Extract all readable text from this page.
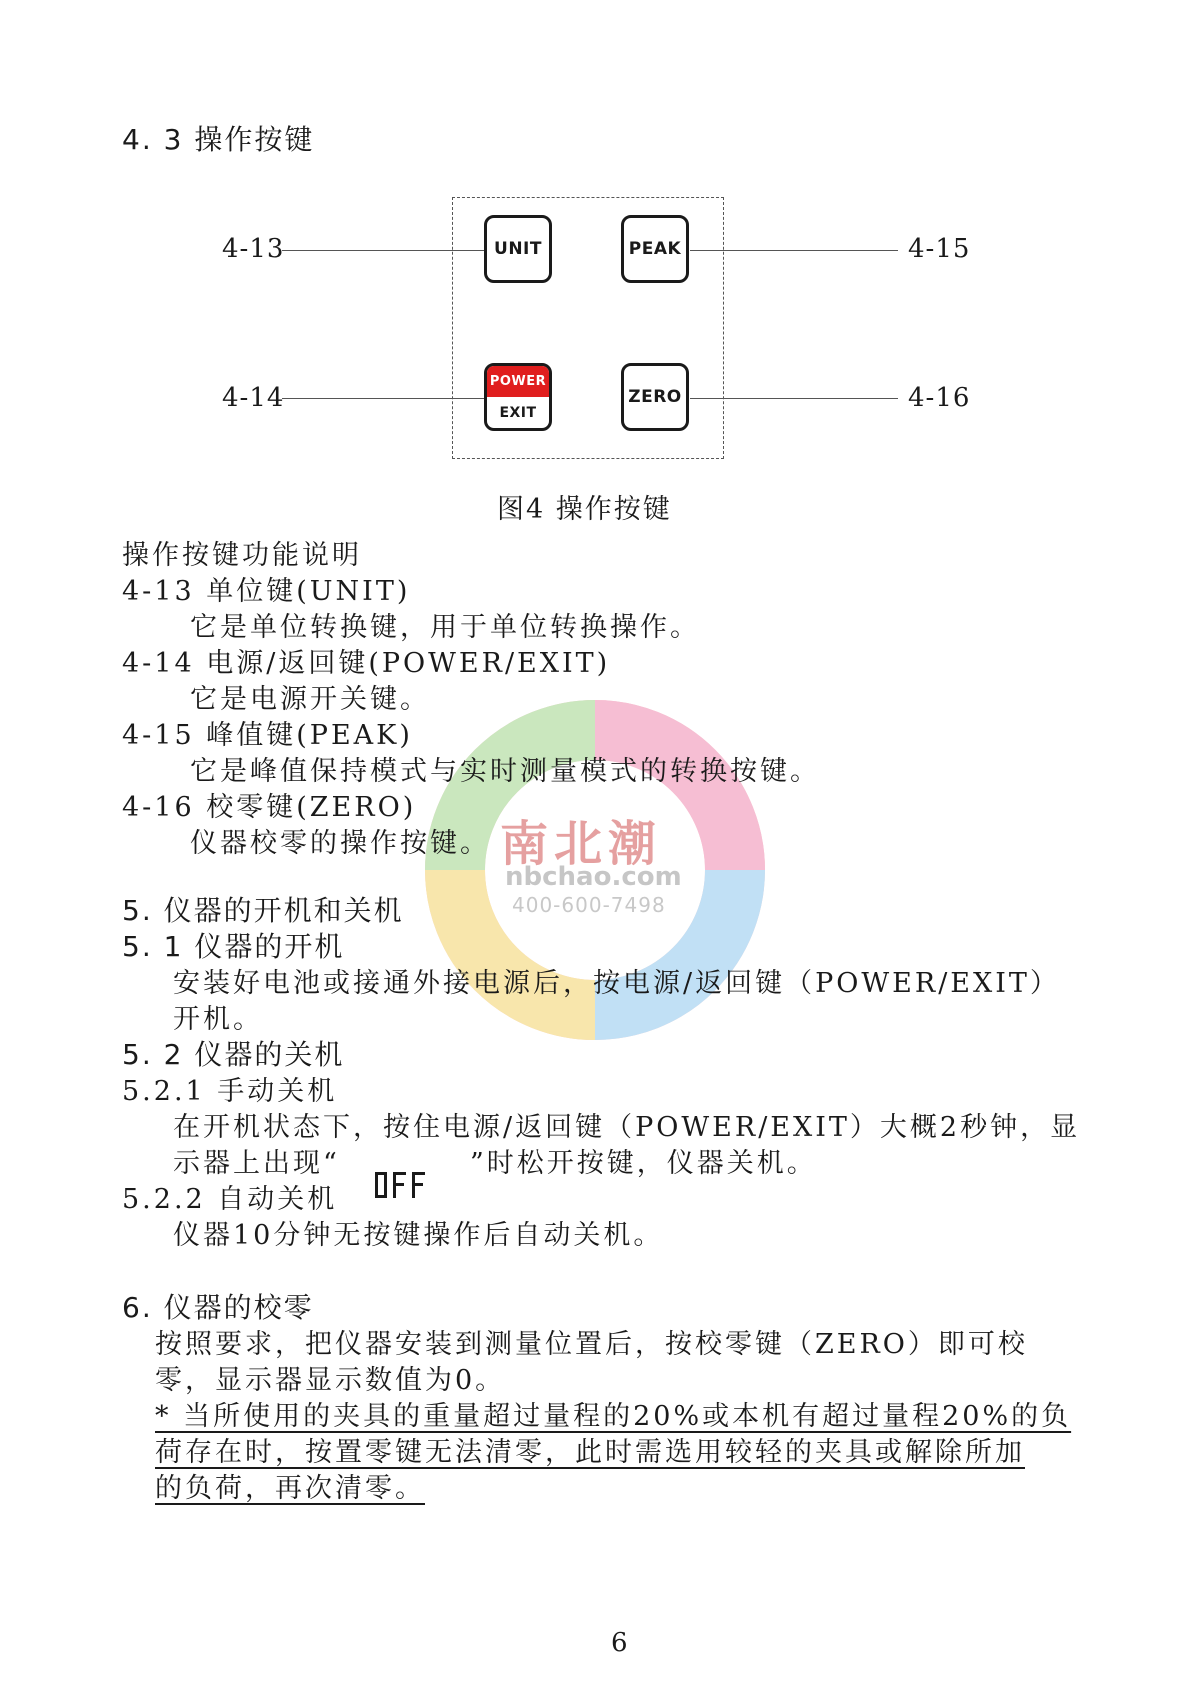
4. 3 操作按键
4-13	4-15
4-14	4-16
UNIT	PEAK
POWER
EXIT
ZERO
图4 操作按键
南北潮
nbchao.com
400-600-7498
操作按键功能说明
4-13 单位键(UNIT)
它是单位转换键，用于单位转换操作。
4-14 电源/返回键(POWER/EXIT)
它是电源开关键。
4-15 峰值键(PEAK)
它是峰值保持模式与实时测量模式的转换按键。
4-16 校零键(ZERO)
仪器校零的操作按键。
5. 仪器的开机和关机
5. 1 仪器的开机
安装好电池或接通外接电源后，按电源/返回键（POWER/EXIT）
开机。
5. 2 仪器的关机
5.2.1 手动关机
在开机状态下，按住电源/返回键（POWER/EXIT）大概2秒钟，显
示器上出现“	”时松开按键，仪器关机。
5.2.2 自动关机
OFF
仪器10分钟无按键操作后自动关机。
6. 仪器的校零
按照要求，把仪器安装到测量位置后，按校零键（ZERO）即可校
零，显示器显示数值为0。
* 当所使用的夹具的重量超过量程的20%或本机有超过量程20%的负
荷存在时，按置零键无法清零，此时需选用较轻的夹具或解除所加
的负荷，再次清零。
6
